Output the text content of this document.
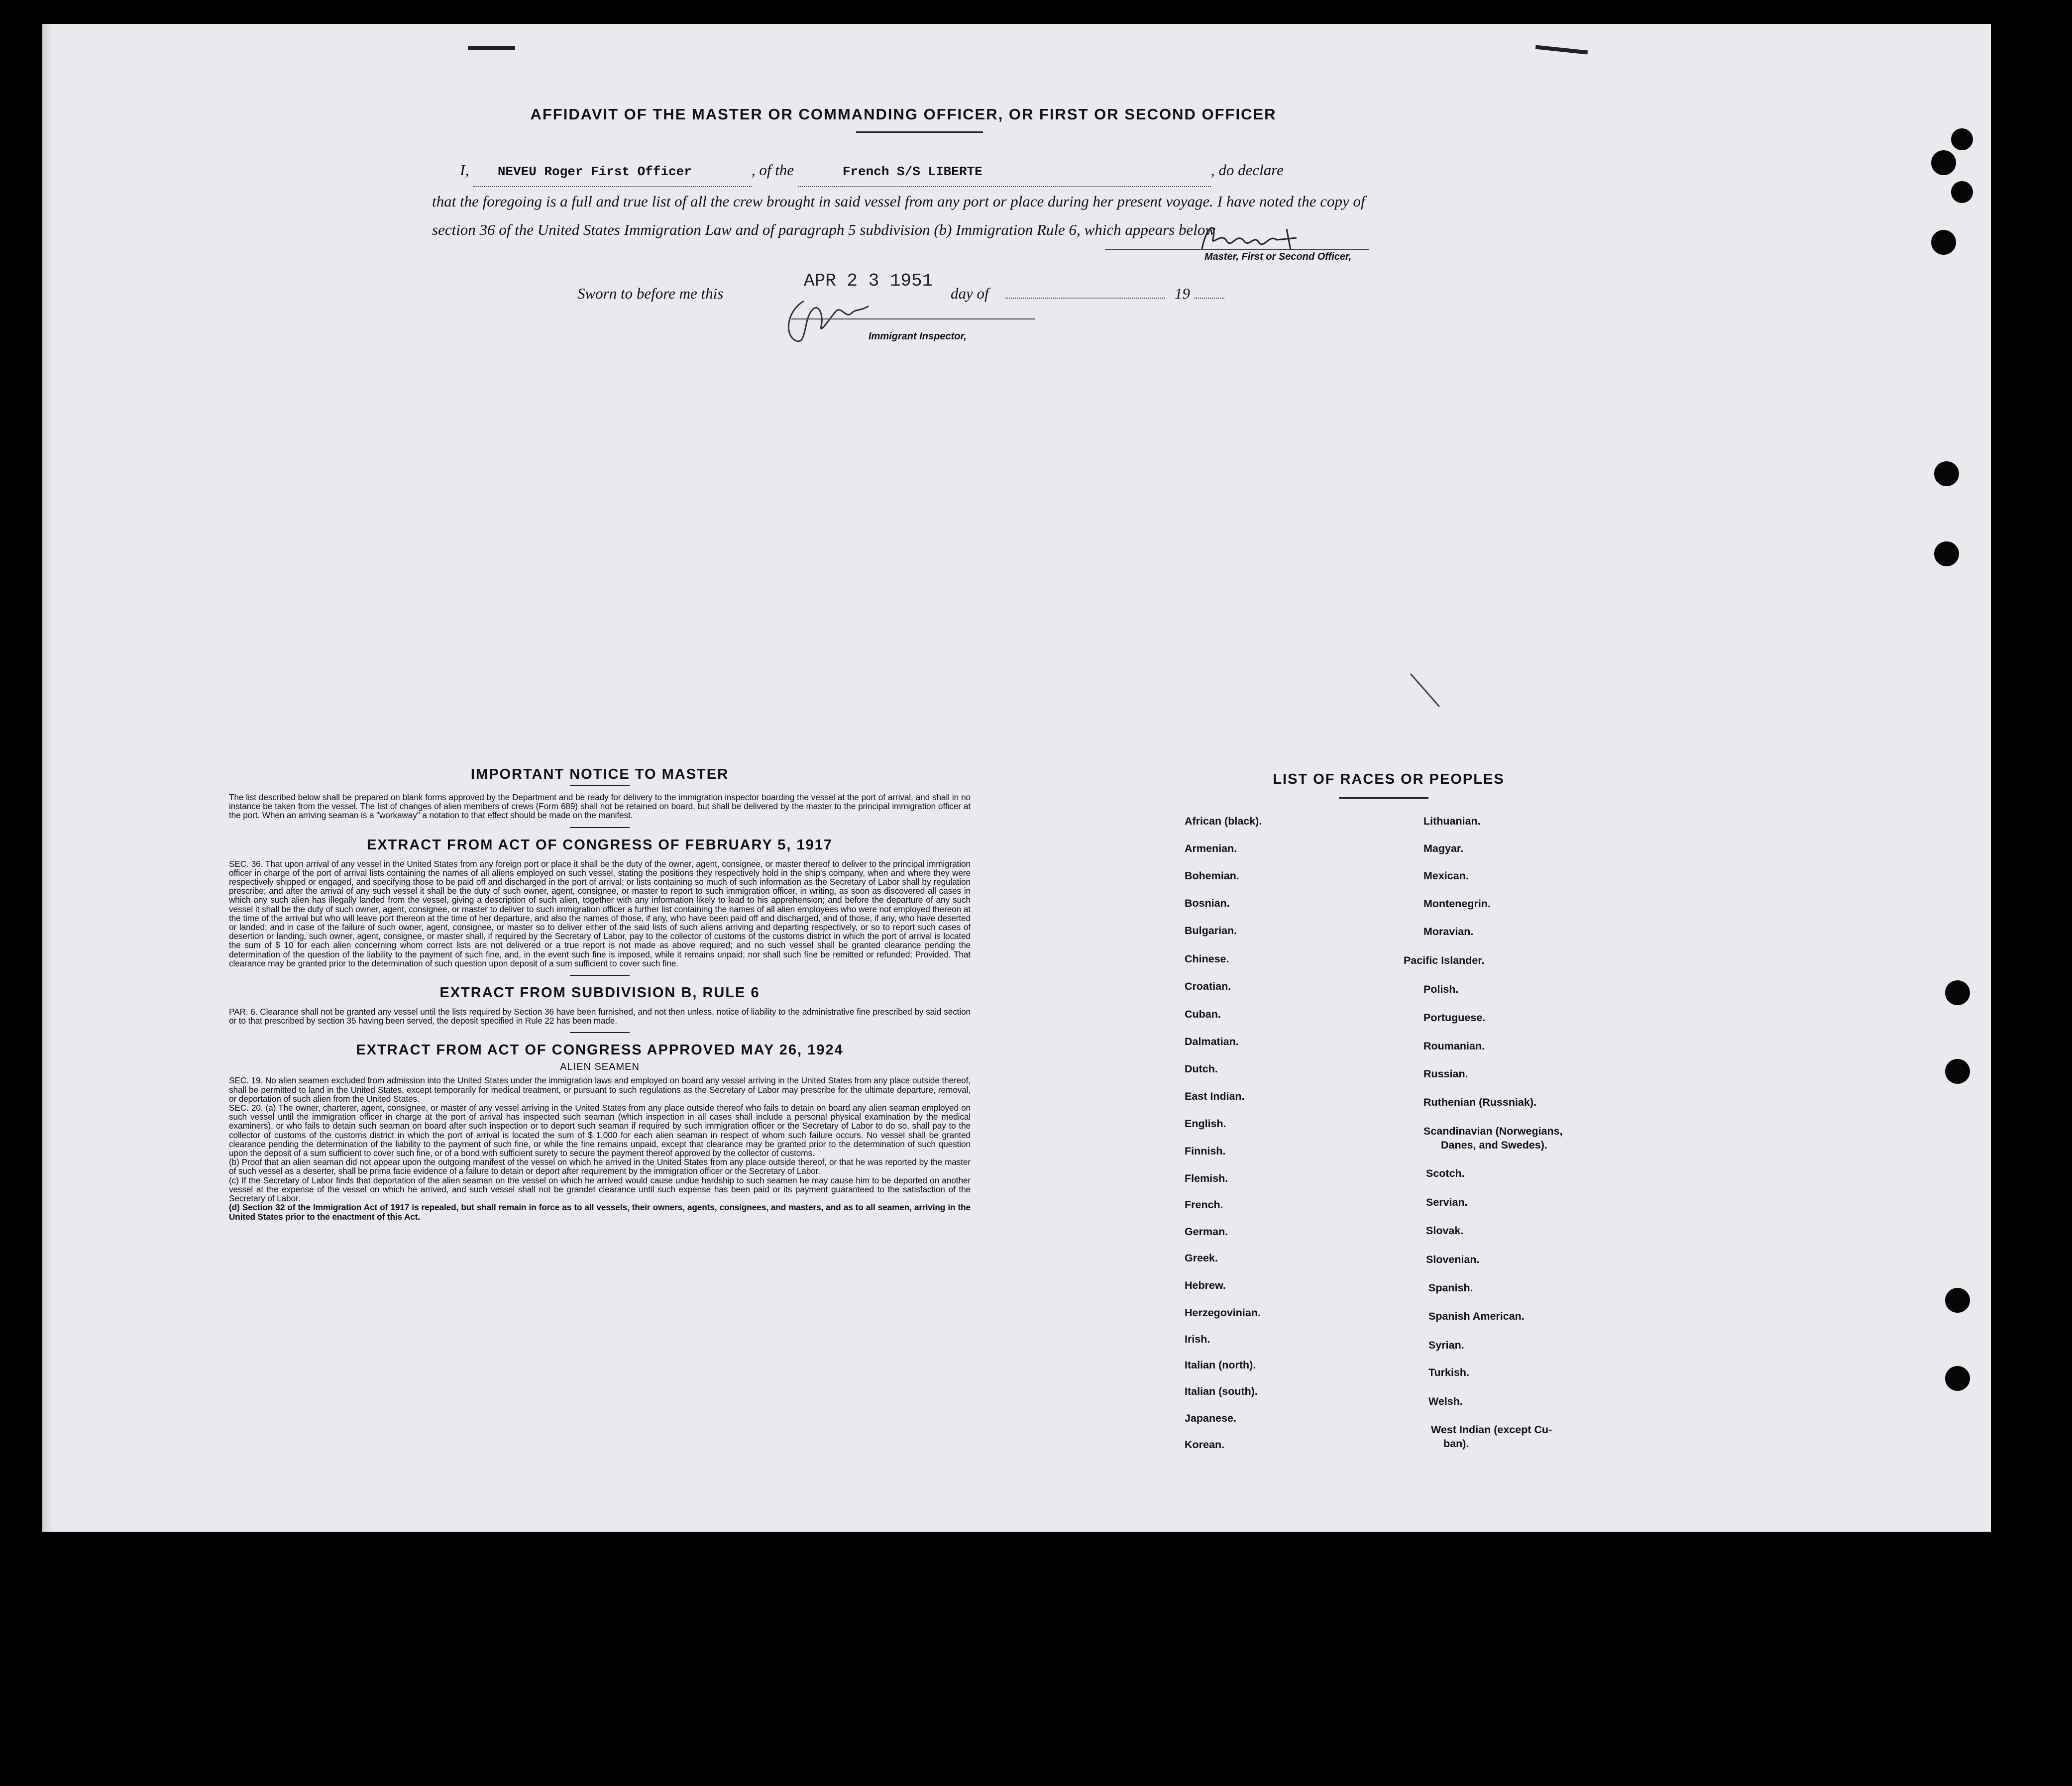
AFFIDAVIT OF THE MASTER OR COMMANDING OFFICER, OR FIRST OR SECOND OFFICER
I, NEVEU Roger First Officer	, of the	French S/S LIBERTE	, do declare
that the foregoing is a full and true list of all the crew brought in said vessel from any port or place during her present voyage. I have noted the copy of section 36 of the United States Immigration Law and of paragraph 5 subdivision (b) Immigration Rule 6, which appears below
RNeveu
Master, First or Second Officer,
Sworn to before me this
APR 2 3 1951
day of	19
J.J. Twomey
Immigrant Inspector,
IMPORTANT NOTICE TO MASTER

The list described below shall be prepared on blank forms approved by the Department and be ready for delivery to the immigration inspector boarding the vessel at the port of arrival, and shall in no instance be taken from the vessel. The list of changes of alien members of crews (Form 689) shall not be retained on board, but shall be delivered by the master to the principal immigration officer at the port. When an arriving seaman is a "workaway" a notation to that effect should be made on the manifest.

EXTRACT FROM ACT OF CONGRESS OF FEBRUARY 5, 1917

SEC. 36. That upon arrival of any vessel in the United States from any foreign port or place it shall be the duty of the owner, agent, consignee, or master thereof to deliver to the principal immigration officer in charge of the port of arrival lists containing the names of all aliens employed on such vessel, stating the positions they respectively hold in the ship's company, when and where they were respectively shipped or engaged, and specifying those to be paid off and discharged in the port of arrival; or lists containing so much of such information as the Secretary of Labor shall by regulation prescribe; and after the arrival of any such vessel it shall be the duty of such owner, agent, consignee, or master to report to such immigration officer, in writing, as soon as discovered all cases in which any such alien has illegally landed from the vessel, giving a description of such alien, together with any information likely to lead to his apprehension; and before the departure of any such vessel it shall be the duty of such owner, agent, consignee, or master to deliver to such immigration officer a further list containing the names of all alien employees who were not employed thereon at the time of the arrival but who will leave port thereon at the time of her departure, and also the names of those, if any, who have been paid off and discharged, and of those, if any, who have deserted or landed; and in case of the failure of such owner, agent, consignee, or master so to deliver either of the said lists of such aliens arriving and departing respectively, or so to report such cases of desertion or landing, such owner, agent, consignee, or master shall, if required by the Secretary of Labor, pay to the collector of customs of the customs district in which the port of arrival is located the sum of $ 10 for each alien concerning whom correct lists are not delivered or a true report is not made as above required; and no such vessel shall be granted clearance pending the determination of the question of the liability to the payment of such fine, and, in the event such fine is imposed, while it remains unpaid; nor shall such fine be remitted or refunded; Provided. That clearance may be granted prior to the determination of such question upon deposit of a sum sufficient to cover such fine.

EXTRACT FROM SUBDIVISION B, RULE 6

PAR. 6. Clearance shall not be granted any vessel until the lists required by Section 36 have been furnished, and not then unless, notice of liability to the administrative fine prescribed by said section or to that prescribed by section 35 having been served, the deposit specified in Rule 22 has been made.

EXTRACT FROM ACT OF CONGRESS APPROVED MAY 26, 1924
ALIEN SEAMEN

SEC. 19. No alien seamen excluded from admission into the United States under the immigration laws and employed on board any vessel arriving in the United States from any place outside thereof, shall be permitted to land in the United States, except temporarily for medical treatment, or pursuant to such regulations as the Secretary of Labor may prescribe for the ultimate departure, removal, or deportation of such alien from the United States.

SEC. 20. (a) The owner, charterer, agent, consignee, or master of any vessel arriving in the United States from any place outside thereof who fails to detain on board any alien seaman employed on such vessel until the immigration officer in charge at the port of arrival has inspected such seaman (which inspection in all cases shall include a personal physical examination by the medical examiners), or who fails to detain such seaman on board after such inspection or to deport such seaman if required by such immigration officer or the Secretary of Labor to do so, shall pay to the collector of customs of the customs district in which the port of arrival is located the sum of $ 1,000 for each alien seaman in respect of whom such failure occurs. No vessel shall be granted clearance pending the determination of the liability to the payment of such fine, or while the fine remains unpaid, except that clearance may be granted prior to the determination of such question upon the deposit of a sum sufficient to cover such fine, or of a bond with sufficient surety to secure the payment thereof approved by the collector of customs.

(b) Proof that an alien seaman did not appear upon the outgoing manifest of the vessel on which he arrived in the United States from any place outside thereof, or that he was reported by the master of such vessel as a deserter, shall be prima facie evidence of a failure to detain or deport after requirement by the immigration officer or the Secretary of Labor.

(c) If the Secretary of Labor finds that deportation of the alien seaman on the vessel on which he arrived would cause undue hardship to such seamen he may cause him to be deported on another vessel at the expense of the vessel on which he arrived, and such vessel shall not be grandet clearance until such expense has been paid or its payment guaranteed to the satisfaction of the Secretary of Labor.

(d) Section 32 of the Immigration Act of 1917 is repealed, but shall remain in force as to all vessels, their owners, agents, consignees, and masters, and as to all seamen, arriving in the United States prior to the enactment of this Act.

LIST OF RACES OR PEOPLES
African (black).
Armenian.
Bohemian.
Bosnian.
Bulgarian.
Chinese.
Croatian.
Cuban.
Dalmatian.
Dutch.
East Indian.
English.
Finnish.
Flemish.
French.
German.
Greek.
Hebrew.
Herzegovinian.
Irish.
Italian (north).
Italian (south).
Japanese.
Korean.
Lithuanian.
Magyar.
Mexican.
Montenegrin.
Moravian.
Pacific Islander.
Polish.
Portuguese.
Roumanian.
Russian.
Ruthenian (Russniak).
Scandinavian (Norwegians,
Danes, and Swedes).
Scotch.
Servian.
Slovak.
Slovenian.
Spanish.
Spanish American.
Syrian.
Turkish.
Welsh.
West Indian (except Cu-
ban).
